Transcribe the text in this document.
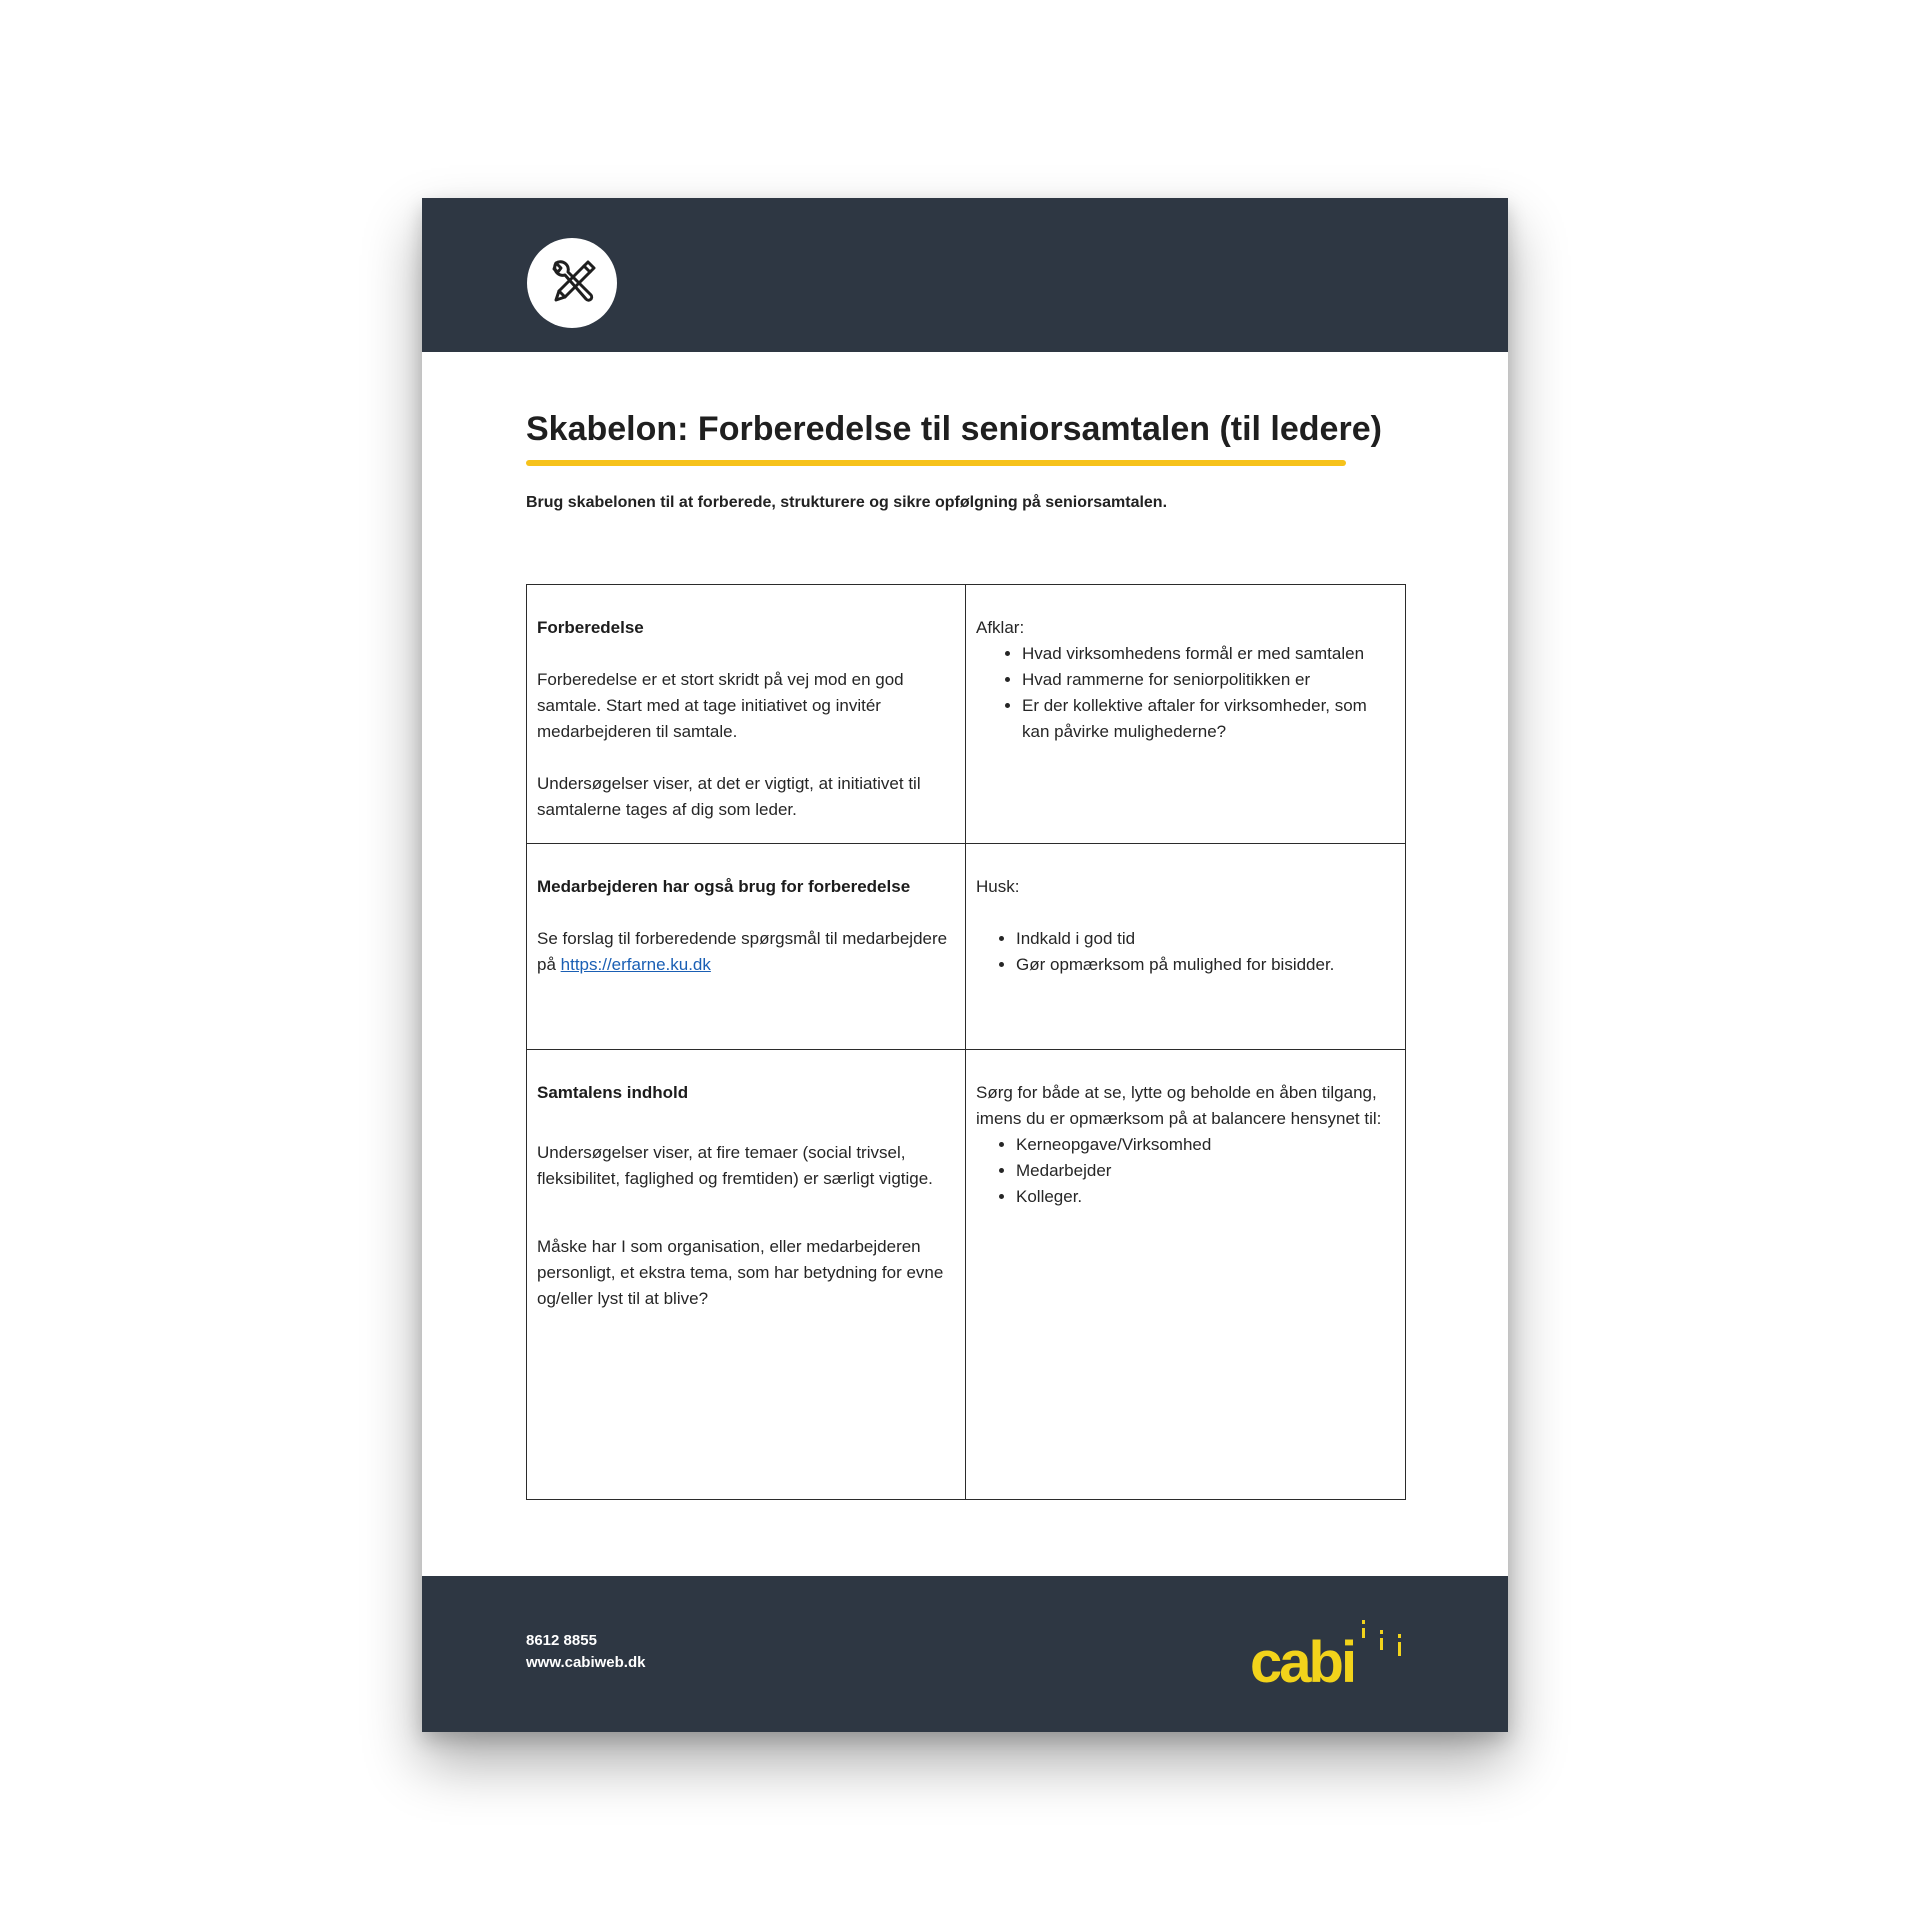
Skabelon: Forberedelse til seniorsamtalen (til ledere)

Brug skabelonen til at forberede, strukturere og sikre opfølgning på seniorsamtalen.

Forberedelse

Forberedelse er et stort skridt på vej mod en god samtale. Start med at tage initiativet og invitér medarbejderen til samtale.

Undersøgelser viser, at det er vigtigt, at initiativet til samtalerne tages af dig som leder.

Afklar:

• Hvad virksomhedens formål er med samtalen
• Hvad rammerne for seniorpolitikken er
• Er der kollektive aftaler for virksomheder, som kan påvirke mulighederne?
Medarbejderen har også brug for forberedelse

Se forslag til forberedende spørgsmål til medarbejdere på https://erfarne.ku.dk

Husk:

• Indkald i god tid
• Gør opmærksom på mulighed for bisidder.
Samtalens indhold

Undersøgelser viser, at fire temaer (social trivsel, fleksibilitet, faglighed og fremtiden) er særligt vigtige.

Måske har I som organisation, eller medarbejderen personligt, et ekstra tema, som har betydning for evne og/eller lyst til at blive?

Sørg for både at se, lytte og beholde en åben tilgang, imens du er opmærksom på at balancere hensynet til:

• Kerneopgave/Virksomhed
• Medarbejder
• Kolleger.
8612 8855
www.cabiweb.dk	cabi
